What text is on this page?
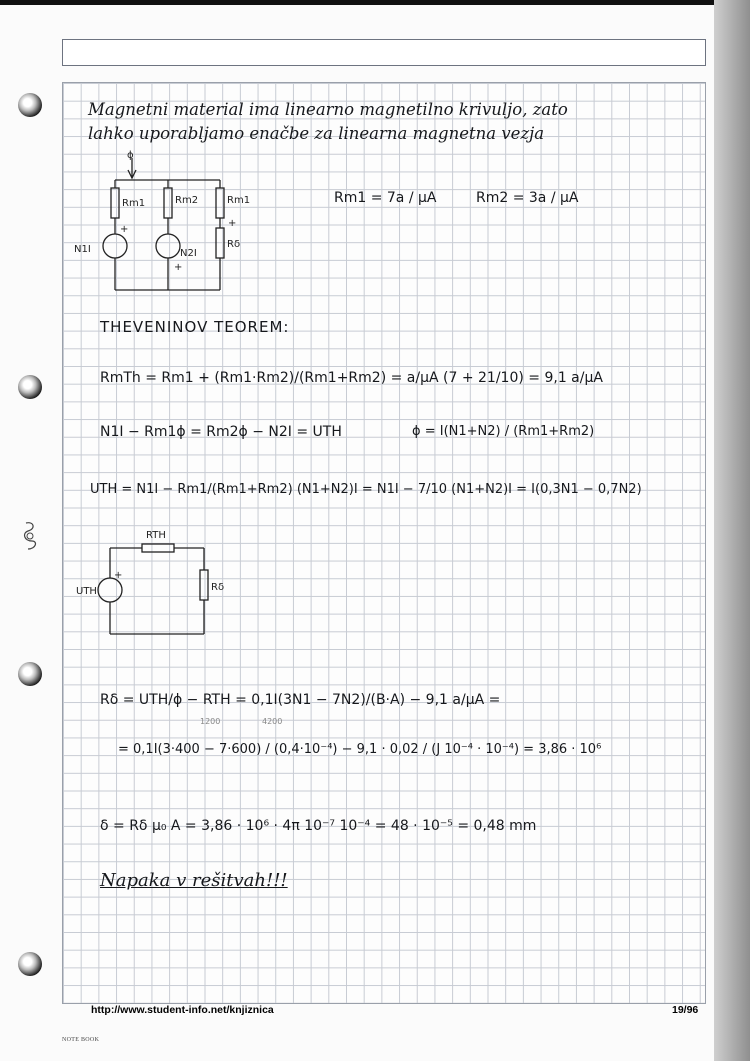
Magnetni material ima linearno magnetilno krivuljo, zato
lahko uporabljamo enačbe za linearna magnetna vezja
ϕ
Rm1	Rm2	Rm1
Rδ
N1I	N2I
+
+
+
Rm1 = 7a / μA	Rm2 = 3a / μA
THEVENINOV TEOREM:
RmTh = Rm1 + (Rm1·Rm2)/(Rm1+Rm2) = a/μA (7 + 21/10) = 9,1 a/μA
N1I − Rm1ϕ = Rm2ϕ − N2I = UTH	ϕ = I(N1+N2) / (Rm1+Rm2)
UTH = N1I − Rm1/(Rm1+Rm2) (N1+N2)I = N1I − 7/10 (N1+N2)I = I(0,3N1 − 0,7N2)
RTH
UTH	Rδ
+
Rδ = UTH/ϕ − RTH = 0,1I(3N1 − 7N2)/(B·A) − 9,1 a/μA =
1200	4200
= 0,1I(3·400 − 7·600) / (0,4·10⁻⁴) − 9,1 · 0,02 / (J 10⁻⁴ · 10⁻⁴) = 3,86 · 10⁶
δ = Rδ μ₀ A = 3,86 · 10⁶ · 4π 10⁻⁷ 10⁻⁴ = 48 · 10⁻⁵ = 0,48 mm
Napaka v rešitvah!!!
http://www.student-info.net/knjiznica	19/96
NOTE BOOK
